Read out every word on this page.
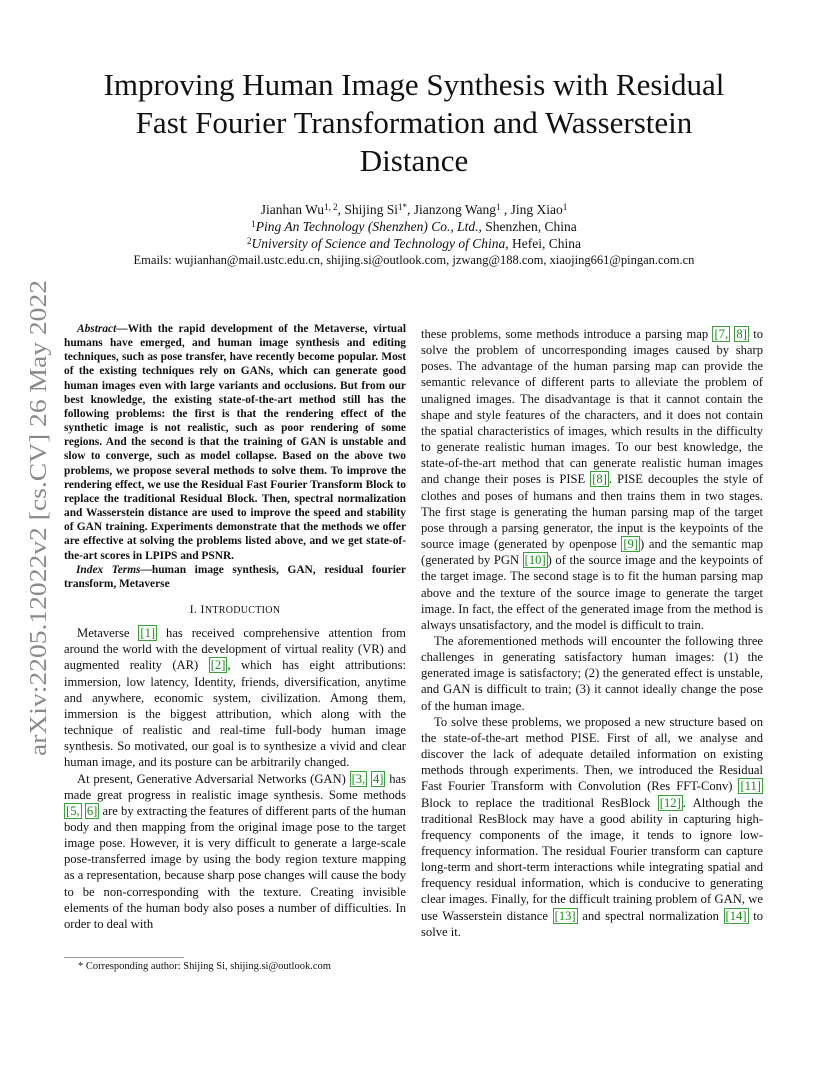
arXiv:2205.12022v2 [cs.CV] 26 May 2022
Improving Human Image Synthesis with Residual
Fast Fourier Transformation and Wasserstein
Distance
Jianhan Wu$^{1, 2}$, Shijing $Si^{1*}$, Jianzong Wang$^1$ , Jing Xiao$^1$
$^1$Ping An Technology (Shenzhen) Co., Ltd., Shenzhen, China
$^2$University of Science and Technology of China, Hefei, China
Emails: wujianhan@mail.ustc.edu.cn, shijing.si@outlook.com, jzwang@188.com, xiaojing661@pingan.com.cn

Abstract—With the rapid development of the Metaverse, virtual humans have emerged, and human image synthesis and editing techniques, such as pose transfer, have recently become popular. Most of the existing techniques rely on GANs, which can generate good human images even with large variants and occlusions. But from our best knowledge, the existing state-of-the-art method still has the following problems: the first is that the rendering effect of the synthetic image is not realistic, such as poor rendering of some regions. And the second is that the training of GAN is unstable and slow to converge, such as model collapse. Based on the above two problems, we propose several methods to solve them. To improve the rendering effect, we use the Residual Fast Fourier Transform Block to replace the traditional Residual Block. Then, spectral normalization and Wasserstein distance are used to improve the speed and stability of GAN training. Experiments demonstrate that the methods we offer are effective at solving the problems listed above, and we get state-of-the-art scores in LPIPS and PSNR.

Index Terms—human image synthesis, GAN, residual fourier transform, Metaverse

I. INTRODUCTION

Metaverse [1] has received comprehensive attention from around the world with the development of virtual reality (VR) and augmented reality (AR) [2] , which has eight attributions: immersion, low latency, Identity, friends, diversification, anytime and anywhere, economic system, civilization. Among them, immersion is the biggest attribution, which along with the technique of realistic and real-time full-body human image synthesis. So motivated, our goal is to synthesize a vivid and clear human image, and its posture can be arbitrarily changed.

At present, Generative Adversarial Networks (GAN) [3, 4] has made great progress in realistic image synthesis. Some methods [5, 6] are by extracting the features of different parts of the human body and then mapping from the original image pose to the target image pose. However, it is very difficult to generate a large-scale pose-transferred image by using the body region texture mapping as a representation, because sharp pose changes will cause the body to be non-corresponding with the texture. Creating invisible elements of the human body also poses a number of difficulties. In order to deal with

these problems, some methods introduce a parsing map [7, 8] to solve the problem of uncorresponding images caused by sharp poses. The advantage of the human parsing map can provide the semantic relevance of different parts to alleviate the problem of unaligned images. The disadvantage is that it cannot contain the shape and style features of the characters, and it does not contain the spatial characteristics of images, which results in the difficulty to generate realistic human images. To our best knowledge, the state-of-the-art method that can generate realistic human images and change their poses is PISE [8] . PISE decouples the style of clothes and poses of humans and then trains them in two stages. The first stage is generating the human parsing map of the target pose through a parsing generator, the input is the keypoints of the source image (generated by openpose [9] ) and the semantic map (generated by PGN [10] ) of the source image and the keypoints of the target image. The second stage is to fit the human parsing map above and the texture of the source image to generate the target image. In fact, the effect of the generated image from the method is always unsatisfactory, and the model is difficult to train.

The aforementioned methods will encounter the following three challenges in generating satisfactory human images: (1) the generated image is satisfactory; (2) the generated effect is unstable, and GAN is difficult to train; (3) it cannot ideally change the pose of the human image.

To solve these problems, we proposed a new structure based on the state-of-the-art method PISE. First of all, we analyse and discover the lack of adequate detailed information on existing methods through experiments. Then, we introduced the Residual Fast Fourier Transform with Convolution (Res FFT-Conv) [11] Block to replace the traditional ResBlock [12] . Although the traditional ResBlock may have a good ability in capturing high-frequency components of the image, it tends to ignore low-frequency information. The residual Fourier transform can capture long-term and short-term interactions while integrating spatial and frequency residual information, which is conducive to generating clear images. Finally, for the difficult training problem of GAN, we use Wasserstein distance [13] and spectral normalization [14] to solve it.

* Corresponding author: Shijing Si, shijing.si@outlook.com
